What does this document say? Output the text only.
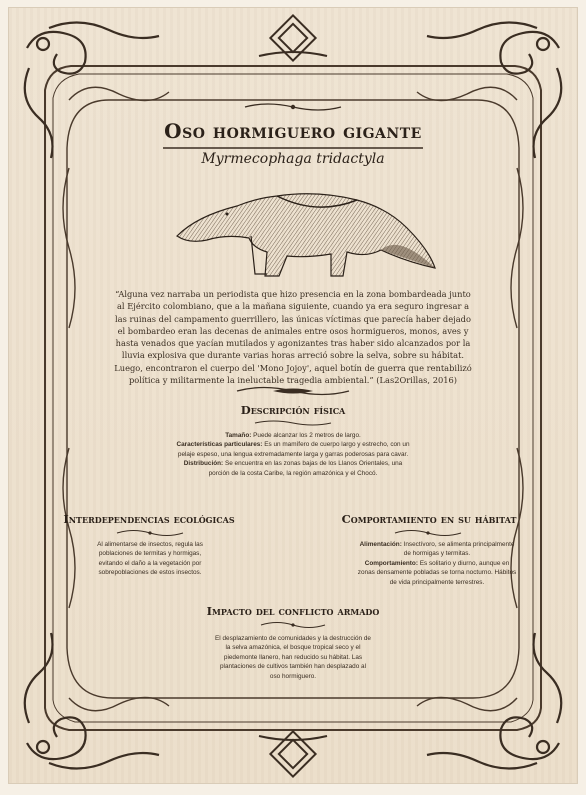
Oso hormiguero gigante
Myrmecophaga tridactyla
“Alguna vez narraba un periodista que hizo presencia en la zona bombardeada junto al Ejército colombiano, que a la mañana siguiente, cuando ya era seguro ingresar a las ruinas del campamento guerrillero, las únicas víctimas que parecía haber dejado el bombardeo eran las decenas de animales entre osos hormigueros, monos, aves y hasta venados que yacían mutilados y agonizantes tras haber sido alcanzados por la lluvia explosiva que durante varias horas arreció sobre la selva, sobre su hábitat. Luego, encontraron el cuerpo del 'Mono Jojoy', aquel botín de guerra que rentabilizó política y militarmente la ineluctable tragedia ambiental.” (Las2Orillas, 2016)
Descripción física
Tamaño: Puede alcanzar los 2 metros de largo.
Características particulares: Es un mamífero de cuerpo largo y estrecho, con un pelaje espeso, una lengua extremadamente larga y garras poderosas para cavar.
Distribución: Se encuentra en las zonas bajas de los Llanos Orientales, una porción de la costa Caribe, la región amazónica y el Chocó.
Interdependencias ecológicas
Al alimentarse de insectos, regula las poblaciones de termitas y hormigas, evitando el daño a la vegetación por sobrepoblaciones de estos insectos.
Comportamiento en su hábitat
Alimentación: Insectívoro, se alimenta principalmente de hormigas y termitas.
Comportamiento: Es solitario y diurno, aunque en zonas densamente pobladas se torna nocturno. Hábitos de vida principalmente terrestres.
Impacto del conflicto armado
El desplazamiento de comunidades y la destrucción de la selva amazónica, el bosque tropical seco y el piedemonte llanero, han reducido su hábitat. Las plantaciones de cultivos también han desplazado al oso hormiguero.
